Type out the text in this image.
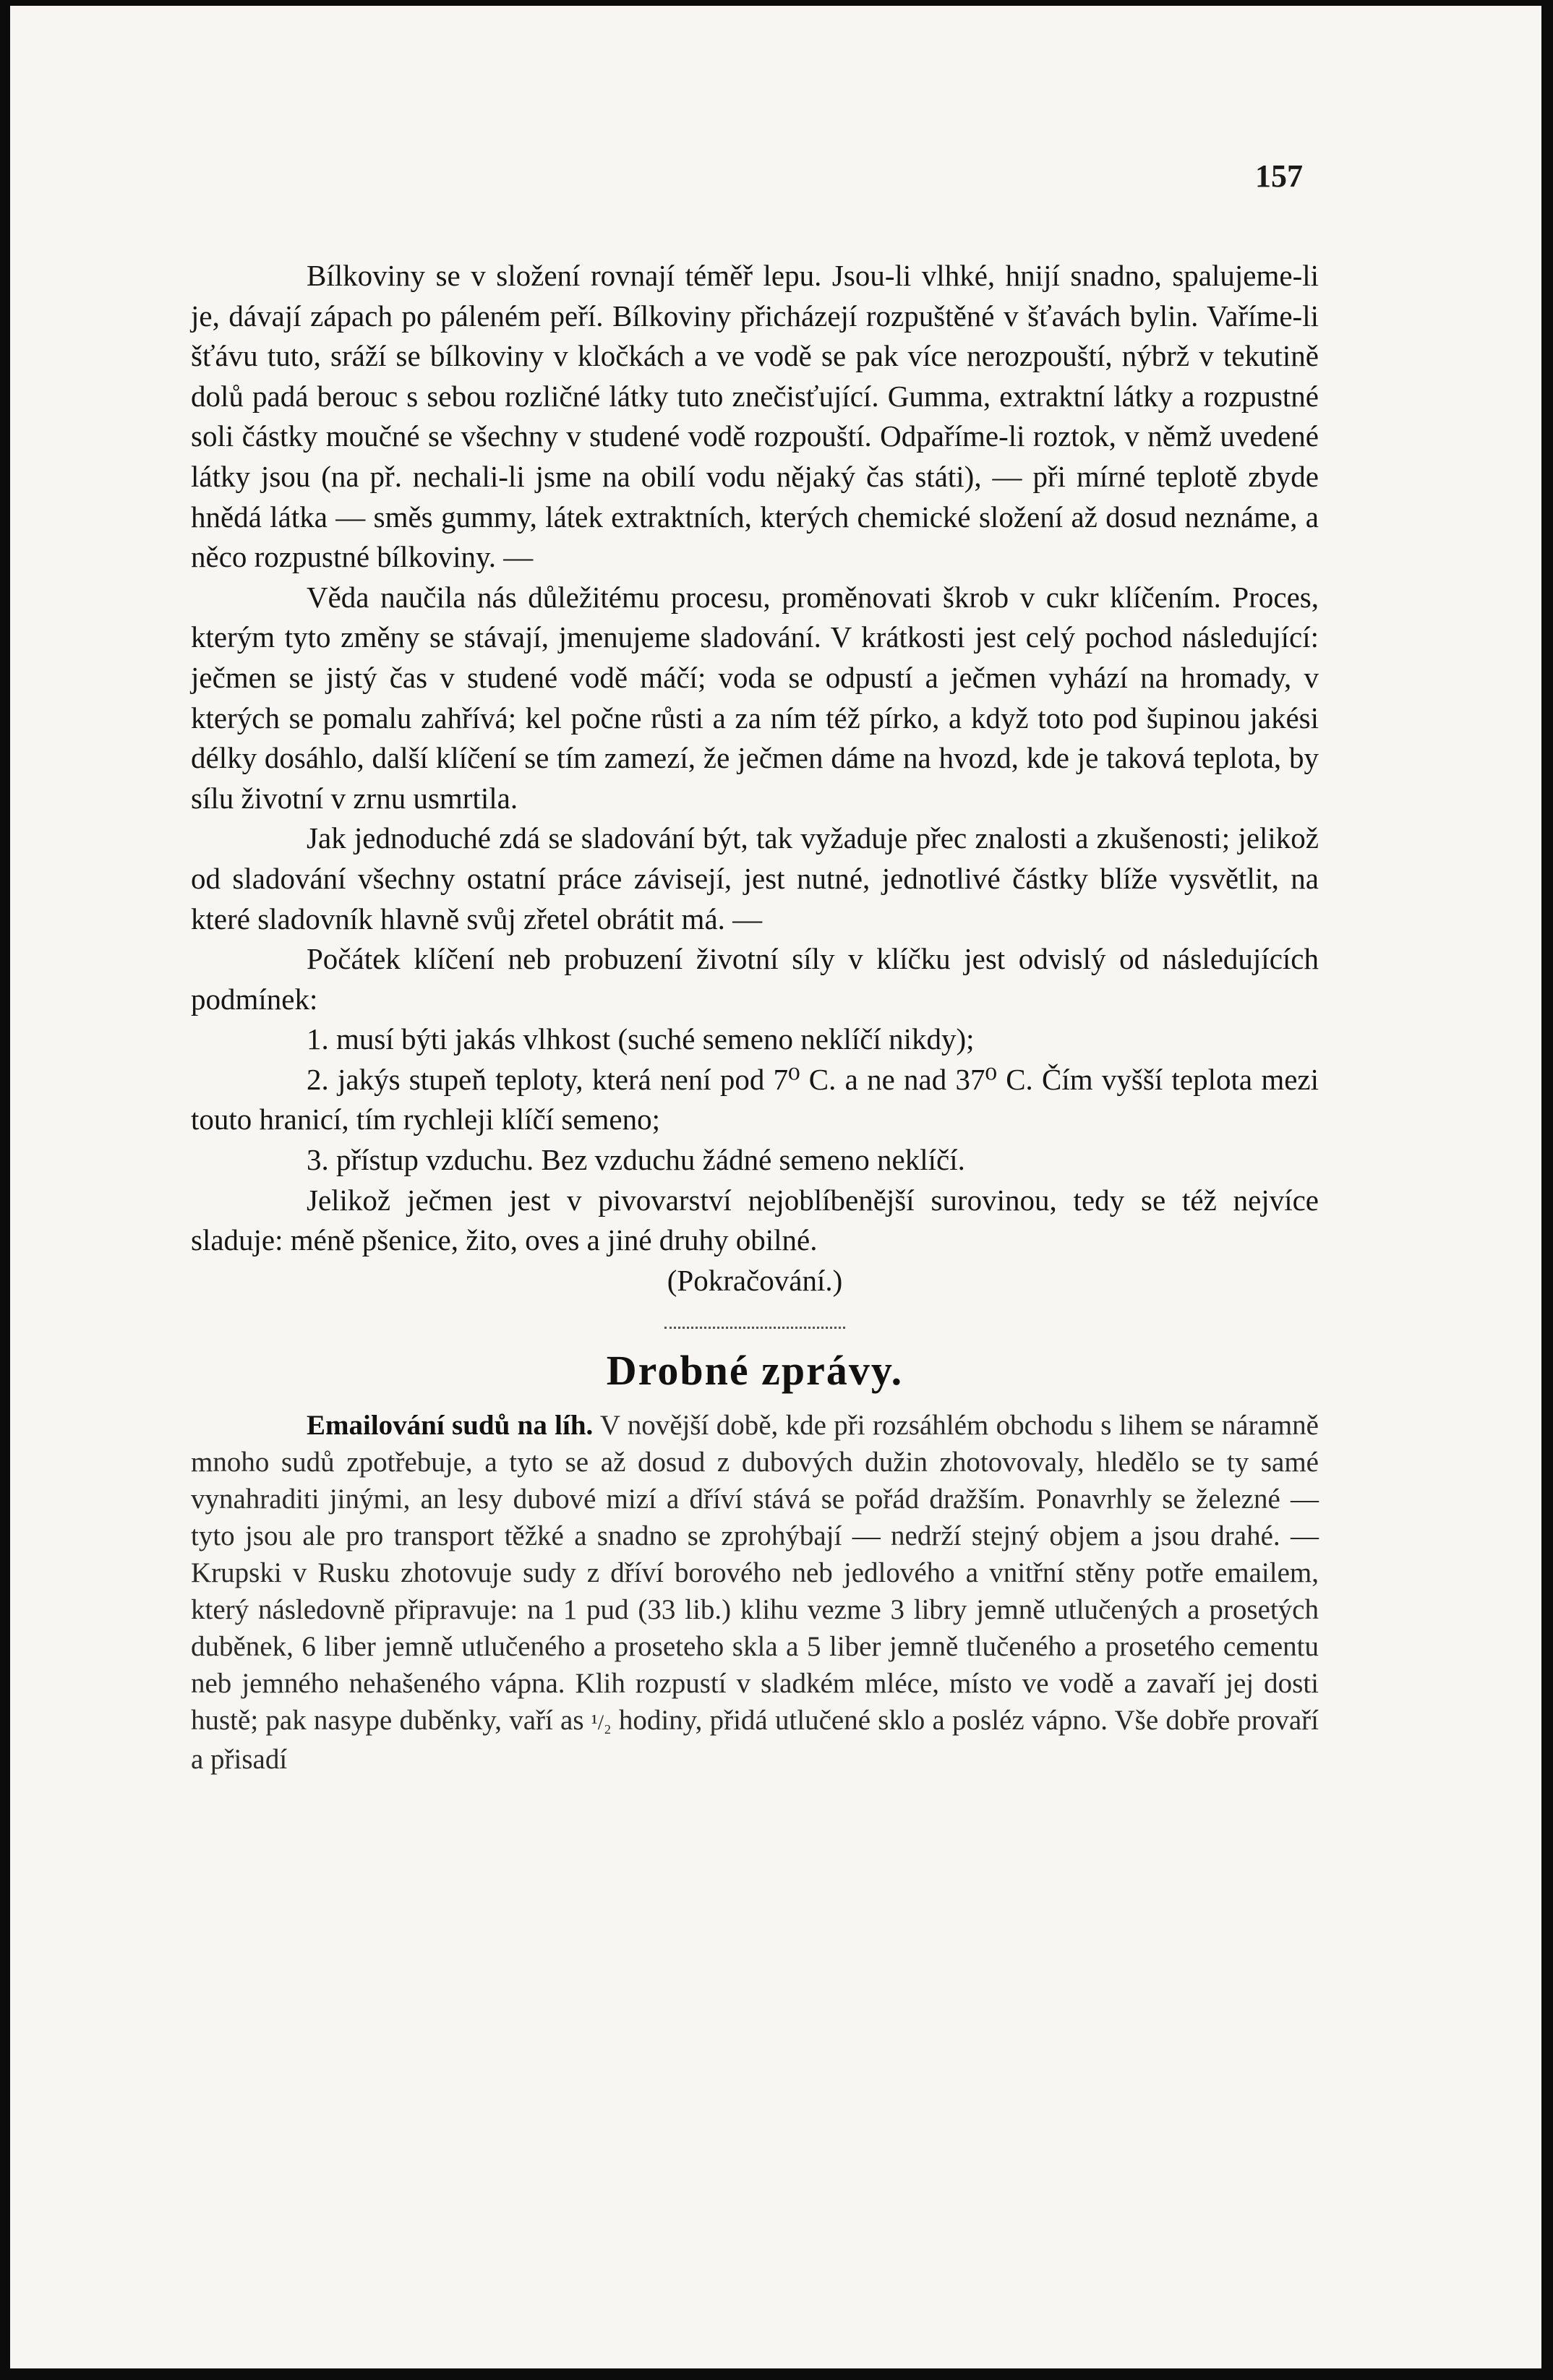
157

Bílkoviny se v složení rovnají téměř lepu. Jsou-li vlhké, hnijí snadno, spalujeme-li je, dávají zápach po páleném peří. Bílkoviny přicházejí rozpuštěné v šťavách bylin. Vaříme-li šťávu tuto, sráží se bílkoviny v kločkách a ve vodě se pak více nerozpouští, nýbrž v tekutině dolů padá berouc s sebou rozličné látky tuto znečisťující. Gumma, extraktní látky a rozpustné soli částky moučné se všechny v studené vodě rozpouští. Odpaříme-li roztok, v němž uvedené látky jsou (na př. nechali-li jsme na obilí vodu nějaký čas státi), — při mírné teplotě zbyde hnědá látka — směs gummy, látek extraktních, kterých chemické složení až dosud neznáme, a něco rozpustné bílkoviny. —

Věda naučila nás důležitému procesu, proměnovati škrob v cukr klíčením. Proces, kterým tyto změny se stávají, jmenujeme sladování. V krátkosti jest celý pochod následující: ječmen se jistý čas v studené vodě máčí; voda se odpustí a ječmen vyhází na hromady, v kterých se pomalu zahřívá; kel počne růsti a za ním též pírko, a když toto pod šupinou jakési délky dosáhlo, další klíčení se tím zamezí, že ječmen dáme na hvozd, kde je taková teplota, by sílu životní v zrnu usmrtila.

Jak jednoduché zdá se sladování být, tak vyžaduje přec znalosti a zkušenosti; jelikož od sladování všechny ostatní práce závisejí, jest nutné, jednotlivé částky blíže vysvětlit, na které sladovník hlavně svůj zřetel obrátit má. —

Počátek klíčení neb probuzení životní síly v klíčku jest odvislý od následujících podmínek:

1. musí býti jakás vlhkost (suché semeno neklíčí nikdy);

2. jakýs stupeň teploty, která není pod 7⁰ C. a ne nad 37⁰ C. Čím vyšší teplota mezi touto hranicí, tím rychleji klíčí semeno;

3. přístup vzduchu. Bez vzduchu žádné semeno neklíčí.

Jelikož ječmen jest v pivovarství nejoblíbenější surovinou, tedy se též nejvíce sladuje: méně pšenice, žito, oves a jiné druhy obilné.

(Pokračování.)

Drobné zprávy.

Emailování sudů na líh. V novější době, kde při rozsáhlém obchodu s lihem se náramně mnoho sudů zpotřebuje, a tyto se až dosud z dubových dužin zhotovovaly, hledělo se ty samé vynahraditi jinými, an lesy dubové mizí a dříví stává se pořád dražším. Ponavrhly se železné — tyto jsou ale pro transport těžké a snadno se zprohýbají — nedrží stejný objem a jsou drahé. — Krupski v Rusku zhotovuje sudy z dříví borového neb jedlového a vnitřní stěny potře emailem, který následovně připravuje: na 1 pud (33 lib.) klihu vezme 3 libry jemně utlučených a prosetých duběnek, 6 liber jemně utlučeného a proseteho skla a 5 liber jemně tlučeného a prosetého cementu neb jemného nehašeného vápna. Klih rozpustí v sladkém mléce, místo ve vodě a zavaří jej dosti hustě; pak nasype duběnky, vaří as ¹/₂ hodiny, přidá utlučené sklo a posléz vápno. Vše dobře provaří a přisadí
